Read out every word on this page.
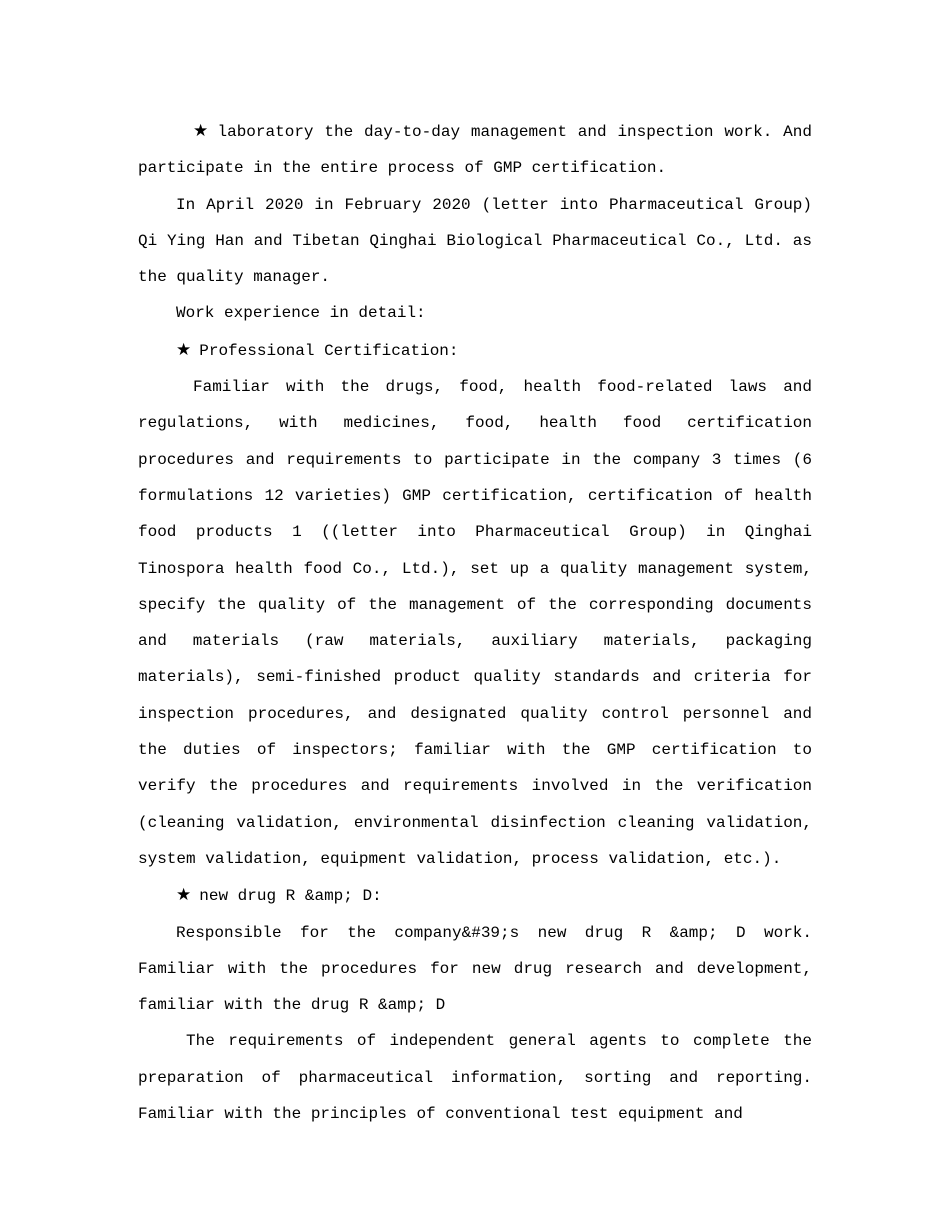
★ laboratory the day-to-day management and inspection work. And participate in the entire process of GMP certification.

In April 2020 in February 2020 (letter into Pharmaceutical Group) Qi Ying Han and Tibetan Qinghai Biological Pharmaceutical Co., Ltd. as the quality manager.

Work experience in detail:

★ Professional Certification:

Familiar with the drugs, food, health food-related laws and regulations, with medicines, food, health food certification procedures and requirements to participate in the company 3 times (6 formulations 12 varieties) GMP certification, certification of health food products 1 ((letter into Pharmaceutical Group) in Qinghai Tinospora health food Co., Ltd.), set up a quality management system, specify the quality of the management of the corresponding documents and materials (raw materials, auxiliary materials, packaging materials), semi-finished product quality standards and criteria for inspection procedures, and designated quality control personnel and the duties of inspectors; familiar with the GMP certification to verify the procedures and requirements involved in the verification (cleaning validation, environmental disinfection cleaning validation, system validation, equipment validation, process validation, etc.).

★ new drug R &amp; D:

Responsible for the company&#39;s new drug R &amp; D work. Familiar with the procedures for new drug research and development, familiar with the drug R &amp; D

The requirements of independent general agents to complete the preparation of pharmaceutical information, sorting and reporting. Familiar with the principles of conventional test equipment and
